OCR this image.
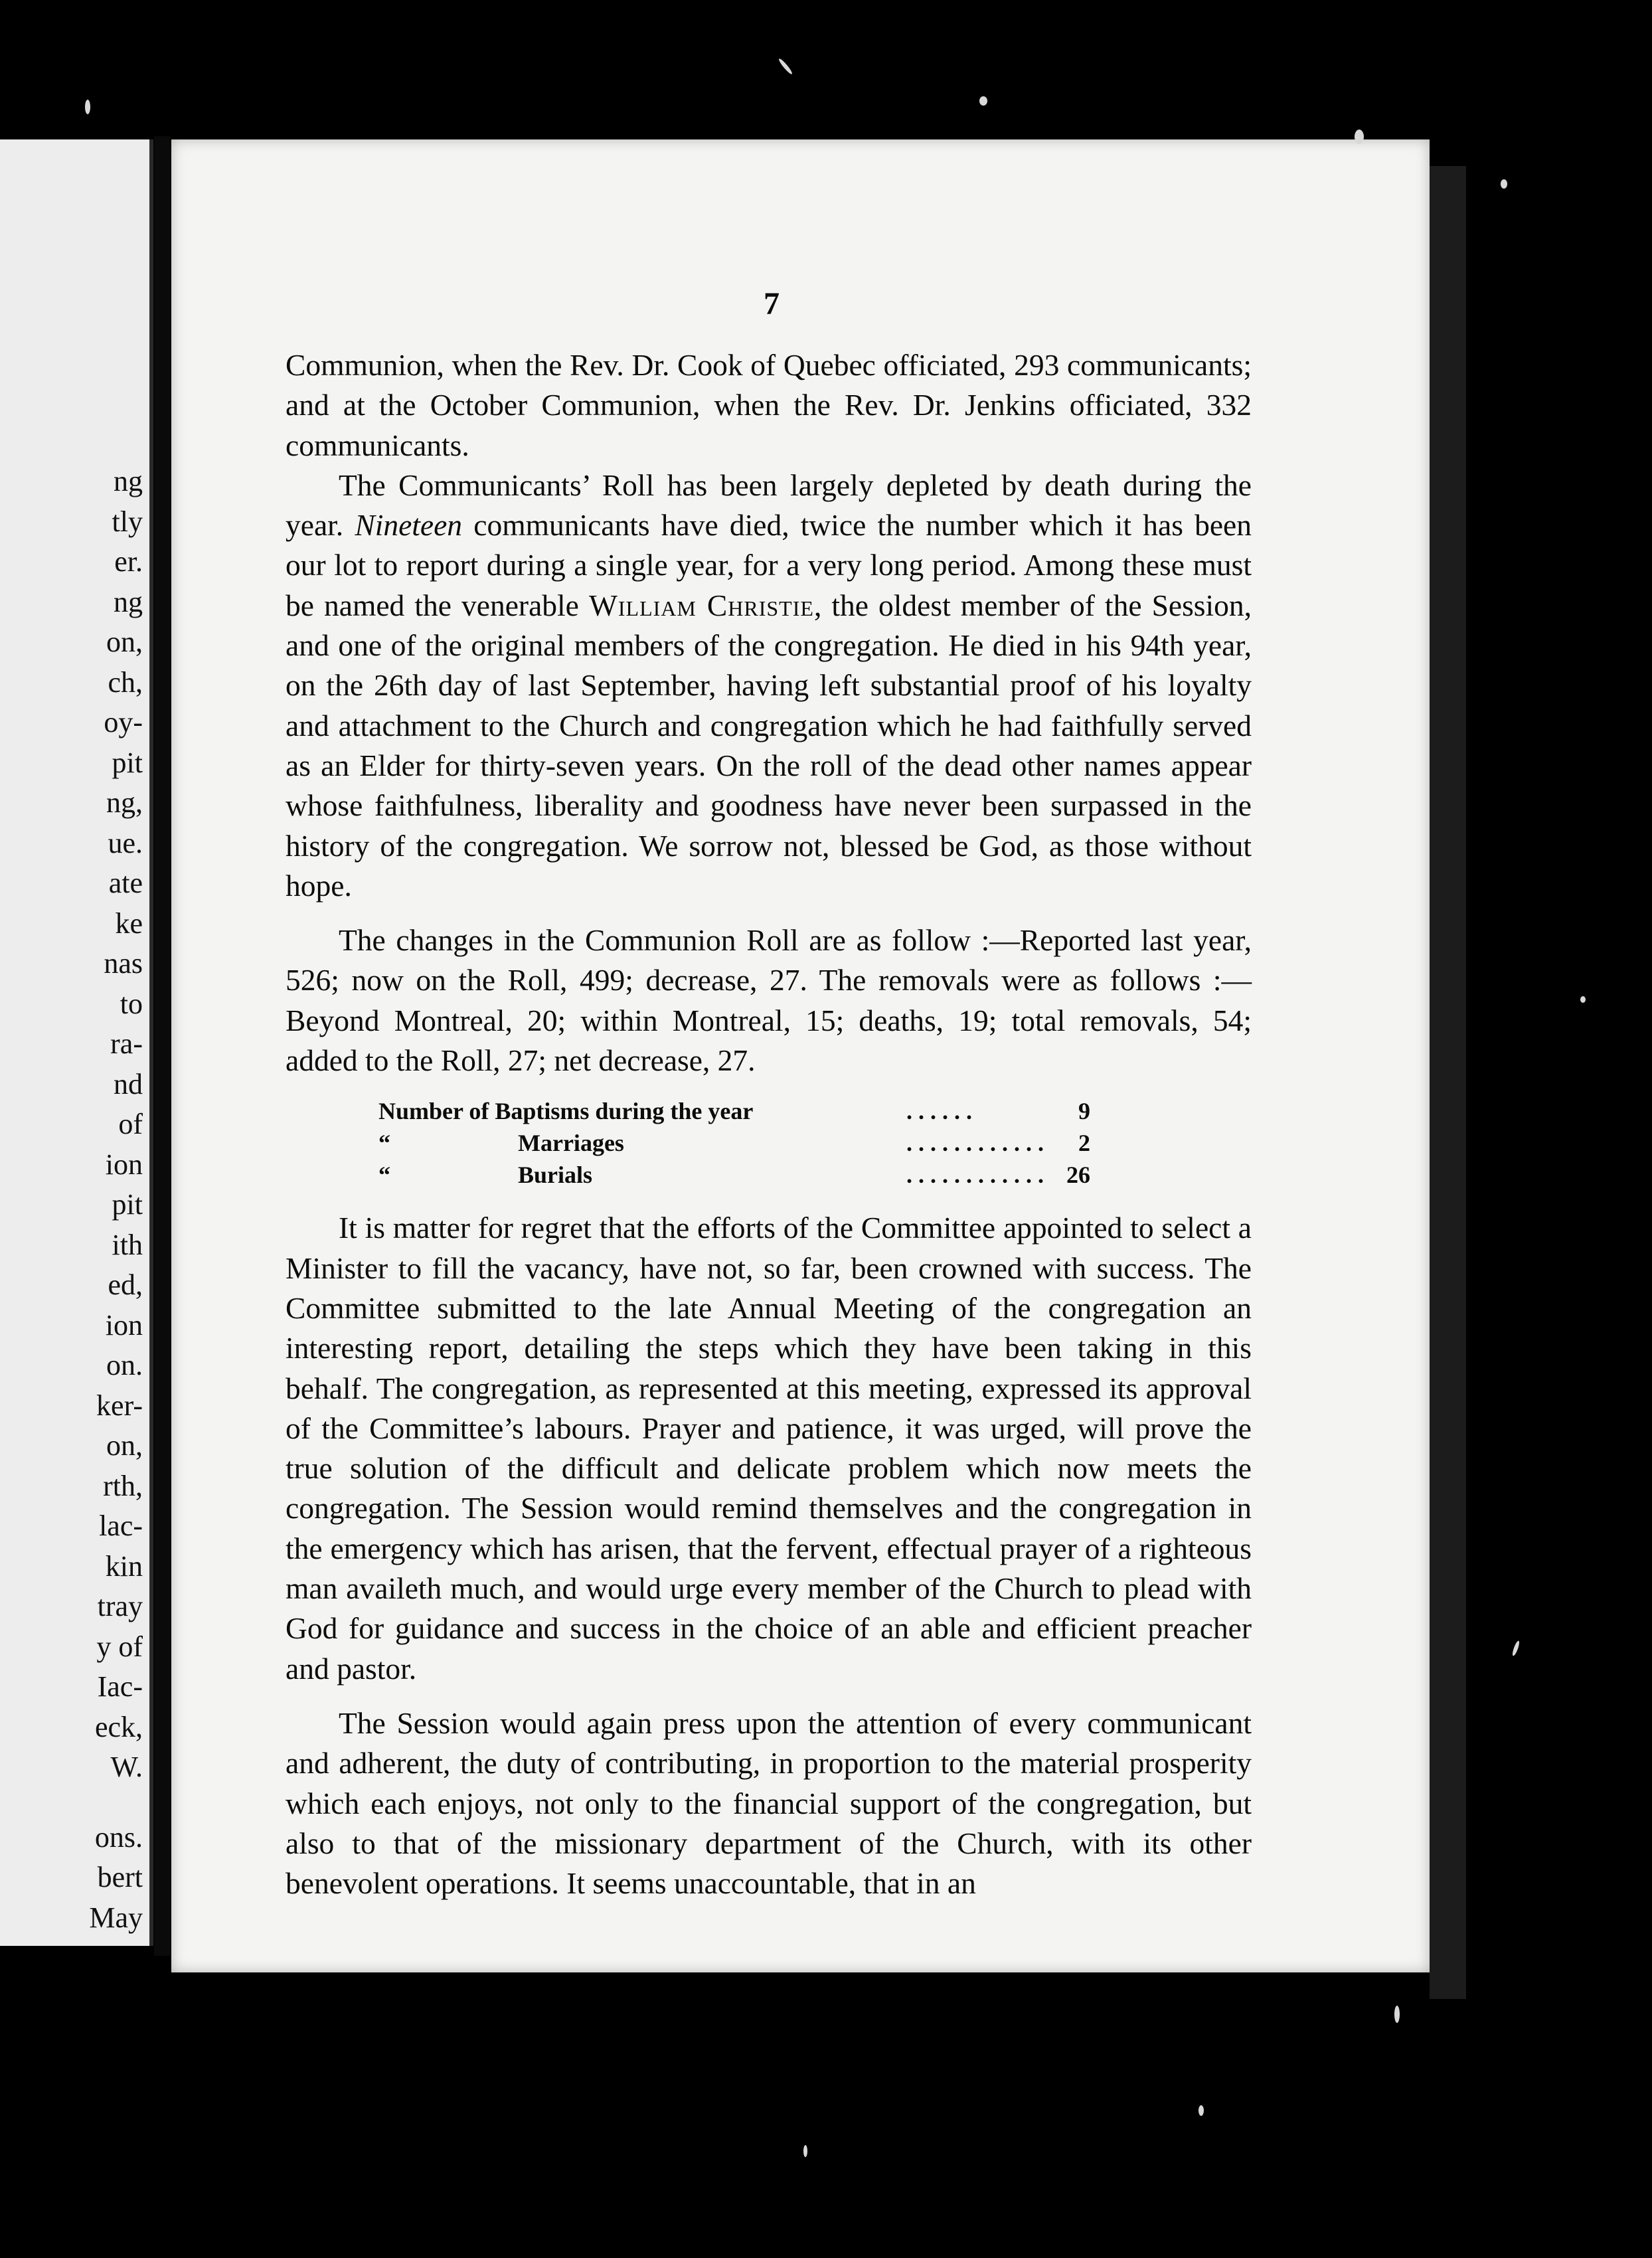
ng
tly
er.
ng
on,
ch,
oy-
pit
ng,
ue.
ate
ke
nas
to
ra-
nd
of
ion
pit
ith
ed,
ion
on.
ker-
on,
rth,
lac-
kin
tray
y of
Iac-
eck,
W.
ons.
bert
May
7

Communion, when the Rev. Dr. Cook of Quebec officiated, 293 communicants; and at the October Communion, when the Rev. Dr. Jenkins officiated, 332 communicants.

The Communicants’ Roll has been largely depleted by death during the year. Nineteen communicants have died, twice the number which it has been our lot to report during a single year, for a very long period. Among these must be named the venerable William Christie, the oldest member of the Session, and one of the original members of the congregation. He died in his 94th year, on the 26th day of last September, having left substantial proof of his loyalty and attachment to the Church and congregation which he had faithfully served as an Elder for thirty-seven years. On the roll of the dead other names appear whose faithfulness, liberality and goodness have never been surpassed in the history of the congregation. We sorrow not, blessed be God, as those without hope.

The changes in the Communion Roll are as follow :—Reported last year, 526; now on the Roll, 499; decrease, 27. The removals were as follows :—Beyond Montreal, 20; within Montreal, 15; deaths, 19; total removals, 54; added to the Roll, 27; net decrease, 27.

Number of Baptisms during the year		. . . . . .	9
“	Marriages	. . . . . . . . . . . .	2
“	Burials	. . . . . . . . . . . .	26

It is matter for regret that the efforts of the Committee appointed to select a Minister to fill the vacancy, have not, so far, been crowned with success. The Committee submitted to the late Annual Meeting of the congregation an interesting report, detailing the steps which they have been taking in this behalf. The congregation, as represented at this meeting, expressed its approval of the Committee’s labours. Prayer and patience, it was urged, will prove the true solution of the difficult and delicate problem which now meets the congregation. The Session would remind themselves and the congregation in the emergency which has arisen, that the fervent, effectual prayer of a righteous man availeth much, and would urge every member of the Church to plead with God for guidance and success in the choice of an able and efficient preacher and pastor.

The Session would again press upon the attention of every communicant and adherent, the duty of contributing, in proportion to the material prosperity which each enjoys, not only to the financial support of the congregation, but also to that of the missionary department of the Church, with its other benevolent operations. It seems unaccountable, that in an
